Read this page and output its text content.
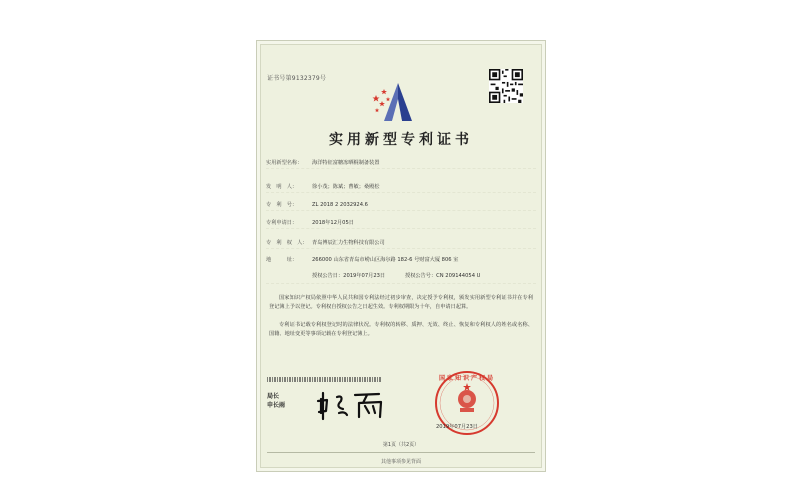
证书号第9132379号
实用新型专利证书
实用新型名称： 海洋特征富糖冻晒棍制备装置
发　明　人：	徐小茂；陈斌；曹敏；桑殿松
专　利　号：	ZL 2018 2 2032924.6
专利申请日：	2018年12月05日
专　利　权　人： 青岛博辰汇力生物科技有限公司
地　　　址：	266000 山东省青岛市崂山区海尔路 182-6 号财富大厦 806 室
授权公告日：2019年07月23日	授权公告号：CN 209144054 U
国家知识产权局依照中华人民共和国专利法经过初步审查，决定授予专利权，颁发实用新型专利证书并在专利登记簿上予以登记。专利权自授权公告之日起生效。专利权期限为十年，自申请日起算。
专利证书记载专利权登记时的法律状况。专利权的转移、质押、无效、终止、恢复和专利权人的姓名或名称、国籍、地址变更等事项记载在专利登记簿上。
局长
申长雨
国家知识产权局
2019年07月23日
第1页（共2页）
其他事项参见背面
